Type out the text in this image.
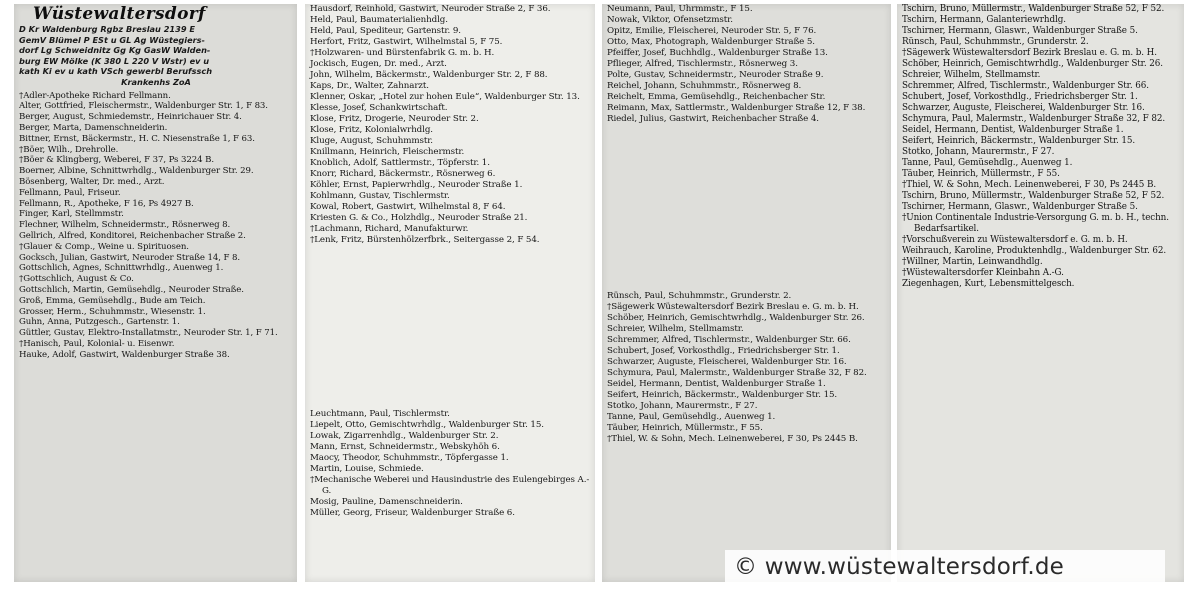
Wüstewaltersdorf
D Kr Waldenburg Rgbz Breslau 2139 E
GemV Blümel P ESt u GL Ag Wüstegiers-
dorf Lg Schweidnitz Gg Kg GasW Walden-
burg EW Mölke (K 380 L 220 V Wstr) ev u
kath Ki ev u kath VSch gewerbl Berufssch
Krankenhs ZoA
†Adler-Apotheke Richard Fellmann.
Alter, Gottfried, Fleischermstr., Waldenburger Str. 1, F 83.
Berger, August, Schmiedemstr., Heinrichauer Str. 4.
Berger, Marta, Damenschneiderin.
Bittner, Ernst, Bäckermstr., H. C. Niesenstraße 1, F 63.
†Böer, Wilh., Drehrolle.
†Böer & Klingberg, Weberei, F 37, Ps 3224 B.
Boerner, Albine, Schnittwrhdlg., Waldenburger Str. 29.
Bösenberg, Walter, Dr. med., Arzt.
Fellmann, Paul, Friseur.
Fellmann, R., Apotheke, F 16, Ps 4927 B.
Finger, Karl, Stellmmstr.
Flechner, Wilhelm, Schneidermstr., Rösnerweg 8.
Gellrich, Alfred, Konditorei, Reichenbacher Straße 2.
†Glauer & Comp., Weine u. Spirituosen.
Gocksch, Julian, Gastwirt, Neuroder Straße 14, F 8.
Gottschlich, Agnes, Schnittwrhdlg., Auenweg 1.
†Gottschlich, August & Co.
Gottschlich, Martin, Gemüsehdlg., Neuroder Straße.
Groß, Emma, Gemüsehdlg., Bude am Teich.
Grosser, Herm., Schuhmmstr., Wiesenstr. 1.
Guhn, Anna, Putzgesch., Gartenstr. 1.
Güttler, Gustav, Elektro-Installatmstr., Neuroder Str. 1, F 71.
†Hanisch, Paul, Kolonial- u. Eisenwr.
Hauke, Adolf, Gastwirt, Waldenburger Straße 38.
Hausdorf, Reinhold, Gastwirt, Neuroder Straße 2, F 36.
Held, Paul, Baumaterialienhdlg.
Held, Paul, Spediteur, Gartenstr. 9.
Herfort, Fritz, Gastwirt, Wilhelmstal 5, F 75.
†Holzwaren- und Bürstenfabrik G. m. b. H.
Jockisch, Eugen, Dr. med., Arzt.
John, Wilhelm, Bäckermstr., Waldenburger Str. 2, F 88.
Kaps, Dr., Walter, Zahnarzt.
Klenner, Oskar, „Hotel zur hohen Eule“, Waldenburger Str. 13.
Klesse, Josef, Schankwirtschaft.
Klose, Fritz, Drogerie, Neuroder Str. 2.
Klose, Fritz, Kolonialwrhdlg.
Kluge, August, Schuhmmstr.
Knillmann, Heinrich, Fleischermstr.
Knoblich, Adolf, Sattlermstr., Töpferstr. 1.
Knorr, Richard, Bäckermstr., Rösnerweg 6.
Köhler, Ernst, Papierwrhdlg., Neuroder Straße 1.
Kohlmann, Gustav, Tischlermstr.
Kowal, Robert, Gastwirt, Wilhelmstal 8, F 64.
Kriesten G. & Co., Holzhdlg., Neuroder Straße 21.
†Lachmann, Richard, Manufakturwr.
†Lenk, Fritz, Bürstenhölzerfbrk., Seitergasse 2, F 54.
Leuchtmann, Paul, Tischlermstr.
Liepelt, Otto, Gemischtwrhdlg., Waldenburger Str. 15.
Lowak, Zigarrenhdlg., Waldenburger Str. 2.
Mann, Ernst, Schneidermstr., Webskyhöh 6.
Maocy, Theodor, Schuhmmstr., Töpfergasse 1.
Martin, Louise, Schmiede.
†Mechanische Weberei und Hausindustrie des Eulengebirges A.-G.
Mosig, Pauline, Damenschneiderin.
Müller, Georg, Friseur, Waldenburger Straße 6.
Neumann, Paul, Uhrmmstr., F 15.
Nowak, Viktor, Ofensetzmstr.
Opitz, Emilie, Fleischerei, Neuroder Str. 5, F 76.
Otto, Max, Photograph, Waldenburger Straße 5.
Pfeiffer, Josef, Buchhdlg., Waldenburger Straße 13.
Pflieger, Alfred, Tischlermstr., Rösnerweg 3.
Polte, Gustav, Schneidermstr., Neuroder Straße 9.
Reichel, Johann, Schuhmmstr., Rösnerweg 8.
Reichelt, Emma, Gemüsehdlg., Reichenbacher Str.
Reimann, Max, Sattlermstr., Waldenburger Straße 12, F 38.
Riedel, Julius, Gastwirt, Reichenbacher Straße 4.
Rünsch, Paul, Schuhmmstr., Grunderstr. 2.
†Sägewerk Wüstewaltersdorf Bezirk Breslau e. G. m. b. H.
Schöber, Heinrich, Gemischtwrhdlg., Waldenburger Str. 26.
Schreier, Wilhelm, Stellmamstr.
Schremmer, Alfred, Tischlermstr., Waldenburger Str. 66.
Schubert, Josef, Vorkosthdlg., Friedrichsberger Str. 1.
Schwarzer, Auguste, Fleischerei, Waldenburger Str. 16.
Schymura, Paul, Malermstr., Waldenburger Straße 32, F 82.
Seidel, Hermann, Dentist, Waldenburger Straße 1.
Seifert, Heinrich, Bäckermstr., Waldenburger Str. 15.
Stotko, Johann, Maurermstr., F 27.
Tanne, Paul, Gemüsehdlg., Auenweg 1.
Täuber, Heinrich, Müllermstr., F 55.
†Thiel, W. & Sohn, Mech. Leinenweberei, F 30, Ps 2445 B.
Tschirn, Bruno, Müllermstr., Waldenburger Straße 52, F 52.
Tschirn, Hermann, Galanteriewrhdlg.
Tschirner, Hermann, Glaswr., Waldenburger Straße 5.
Rünsch, Paul, Schuhmmstr., Grunderstr. 2.
†Sägewerk Wüstewaltersdorf Bezirk Breslau e. G. m. b. H.
Schöber, Heinrich, Gemischtwrhdlg., Waldenburger Str. 26.
Schreier, Wilhelm, Stellmamstr.
Schremmer, Alfred, Tischlermstr., Waldenburger Str. 66.
Schubert, Josef, Vorkosthdlg., Friedrichsberger Str. 1.
Schwarzer, Auguste, Fleischerei, Waldenburger Str. 16.
Schymura, Paul, Malermstr., Waldenburger Straße 32, F 82.
Seidel, Hermann, Dentist, Waldenburger Straße 1.
Seifert, Heinrich, Bäckermstr., Waldenburger Str. 15.
Stotko, Johann, Maurermstr., F 27.
Tanne, Paul, Gemüsehdlg., Auenweg 1.
Täuber, Heinrich, Müllermstr., F 55.
†Thiel, W. & Sohn, Mech. Leinenweberei, F 30, Ps 2445 B.
Tschirn, Bruno, Müllermstr., Waldenburger Straße 52, F 52.
Tschirner, Hermann, Glaswr., Waldenburger Straße 5.
†Union Continentale Industrie-Versorgung G. m. b. H., techn. Bedarfsartikel.
†Vorschußverein zu Wüstewaltersdorf e. G. m. b. H.
Weihrauch, Karoline, Produktenhdlg., Waldenburger Str. 62.
†Willner, Martin, Leinwandhdlg.
†Wüstewaltersdorfer Kleinbahn A.-G.
Ziegenhagen, Kurt, Lebensmittelgesch.
© www.wüstewaltersdorf.de
